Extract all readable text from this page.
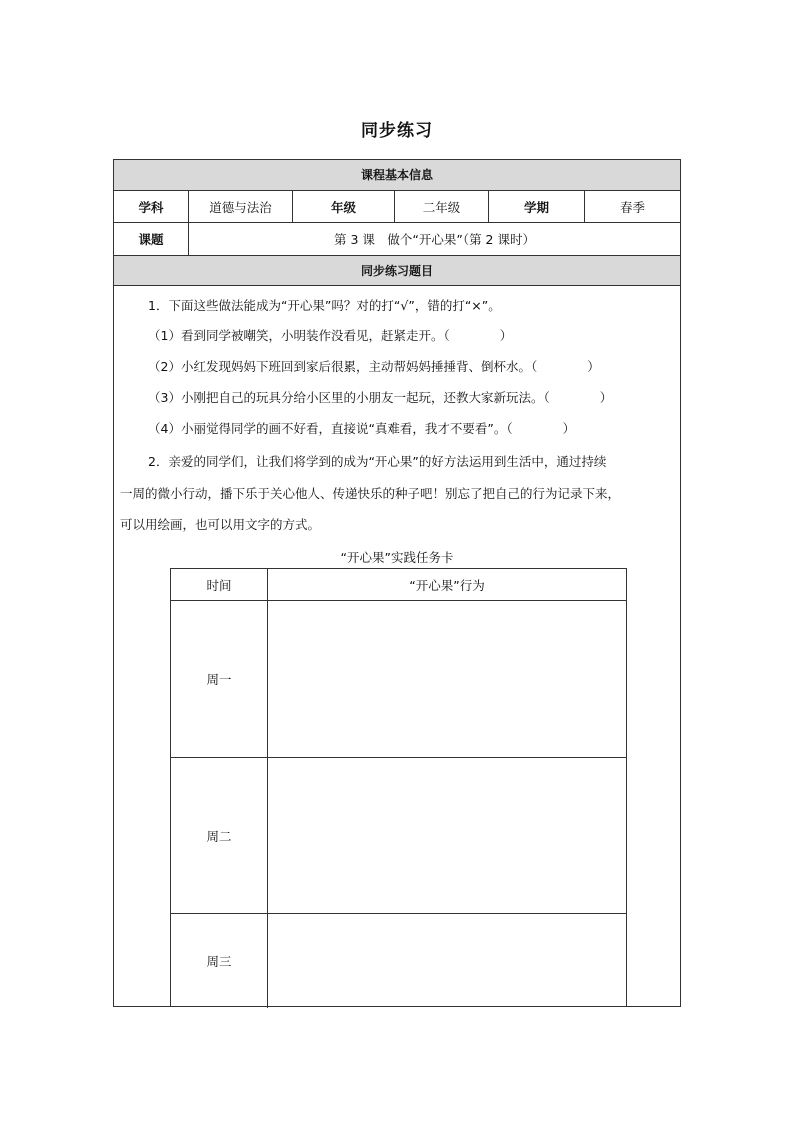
同步练习
课程基本信息
学科	道德与法治	年级	二年级	学期	春季
课题	第 3 课　做个“开心果”（第 2 课时）
同步练习题目
1．下面这些做法能成为“开心果”吗？对的打“√”，错的打“×”。
（1）看到同学被嘲笑，小明装作没看见，赶紧走开。（　　　　）
（2）小红发现妈妈下班回到家后很累，主动帮妈妈捶捶背、倒杯水。（　　　　）
（3）小刚把自己的玩具分给小区里的小朋友一起玩，还教大家新玩法。（　　　　）
（4）小丽觉得同学的画不好看，直接说“真难看，我才不要看”。（　　　　）
2．亲爱的同学们，让我们将学到的成为“开心果”的好方法运用到生活中，通过持续
一周的微小行动，播下乐于关心他人、传递快乐的种子吧！别忘了把自己的行为记录下来，
可以用绘画，也可以用文字的方式。
“开心果”实践任务卡
时间	“开心果”行为
周一
周二
周三
